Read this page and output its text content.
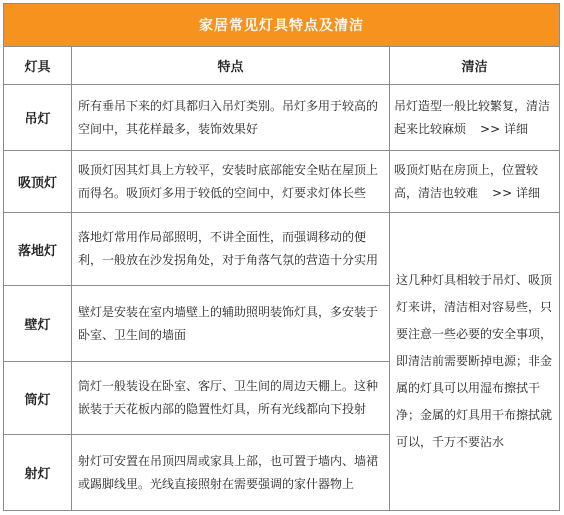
家居常见灯具特点及清洁			
灯具	特点	清洁	
吊灯	所有垂吊下来的灯具都归入吊灯类别。吊灯多用于较高的空间中，其花样最多，装饰效果好	吊灯造型一般比较繁复，清洁起来比较麻烦 >> 详细	
吸顶灯	吸顶灯因其灯具上方较平，安装时底部能安全贴在屋顶上而得名。吸顶灯多用于较低的空间中，灯要求灯体长些	吸顶灯贴在房顶上，位置较高，清洁也较难 >> 详细	
落地灯	落地灯常用作局部照明，不讲全面性，而强调移动的便利，一般放在沙发拐角处，对于角落气氛的营造十分实用	这几种灯具相较于吊灯、吸顶灯来讲，清洁相对容易些，只要注意一些必要的安全事项，即清洁前需要断掉电源；非金属的灯具可以用湿布擦拭干净；金属的灯具用干布擦拭就可以，千万不要沾水	
壁灯	壁灯是安装在室内墙壁上的辅助照明装饰灯具，多安装于卧室、卫生间的墙面		
筒灯	筒灯一般装设在卧室、客厅、卫生间的周边天棚上。这种嵌装于天花板内部的隐置性灯具，所有光线都向下投射		
射灯	射灯可安置在吊顶四周或家具上部，也可置于墙内、墙裙或踢脚线里。光线直接照射在需要强调的家什器物上		
